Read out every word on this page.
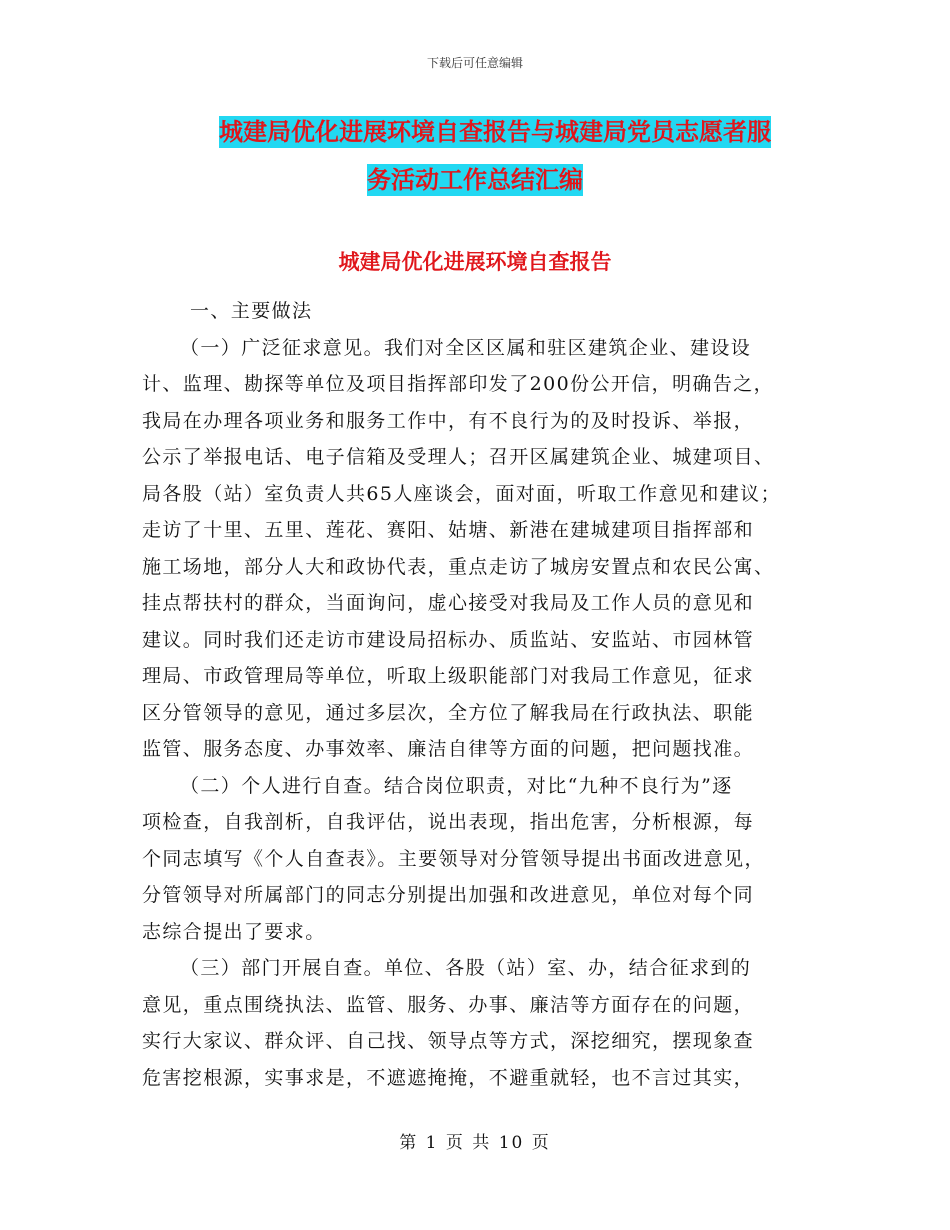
下载后可任意编辑
城建局优化进展环境自查报告与城建局党员志愿者服
务活动工作总结汇编
城建局优化进展环境自查报告

一、主要做法

（一）广泛征求意见。我们对全区区属和驻区建筑企业、建设设

计、监理、勘探等单位及项目指挥部印发了200份公开信，明确告之，

我局在办理各项业务和服务工作中，有不良行为的及时投诉、举报，

公示了举报电话、电子信箱及受理人；召开区属建筑企业、城建项目、

局各股（站）室负责人共65人座谈会，面对面，听取工作意见和建议；

走访了十里、五里、莲花、赛阳、姑塘、新港在建城建项目指挥部和

施工场地，部分人大和政协代表，重点走访了城房安置点和农民公寓、

挂点帮扶村的群众，当面询问，虚心接受对我局及工作人员的意见和

建议。同时我们还走访市建设局招标办、质监站、安监站、市园林管

理局、市政管理局等单位，听取上级职能部门对我局工作意见，征求

区分管领导的意见，通过多层次，全方位了解我局在行政执法、职能

监管、服务态度、办事效率、廉洁自律等方面的问题，把问题找准。

（二）个人进行自查。结合岗位职责，对比“九种不良行为”逐

项检查，自我剖析，自我评估，说出表现，指出危害，分析根源，每

个同志填写《个人自查表》。主要领导对分管领导提出书面改进意见，

分管领导对所属部门的同志分别提出加强和改进意见，单位对每个同

志综合提出了要求。

（三）部门开展自查。单位、各股（站）室、办，结合征求到的

意见，重点围绕执法、监管、服务、办事、廉洁等方面存在的问题，

实行大家议、群众评、自己找、领导点等方式，深挖细究，摆现象查

危害挖根源，实事求是，不遮遮掩掩，不避重就轻，也不言过其实，

第 1 页 共 10 页
